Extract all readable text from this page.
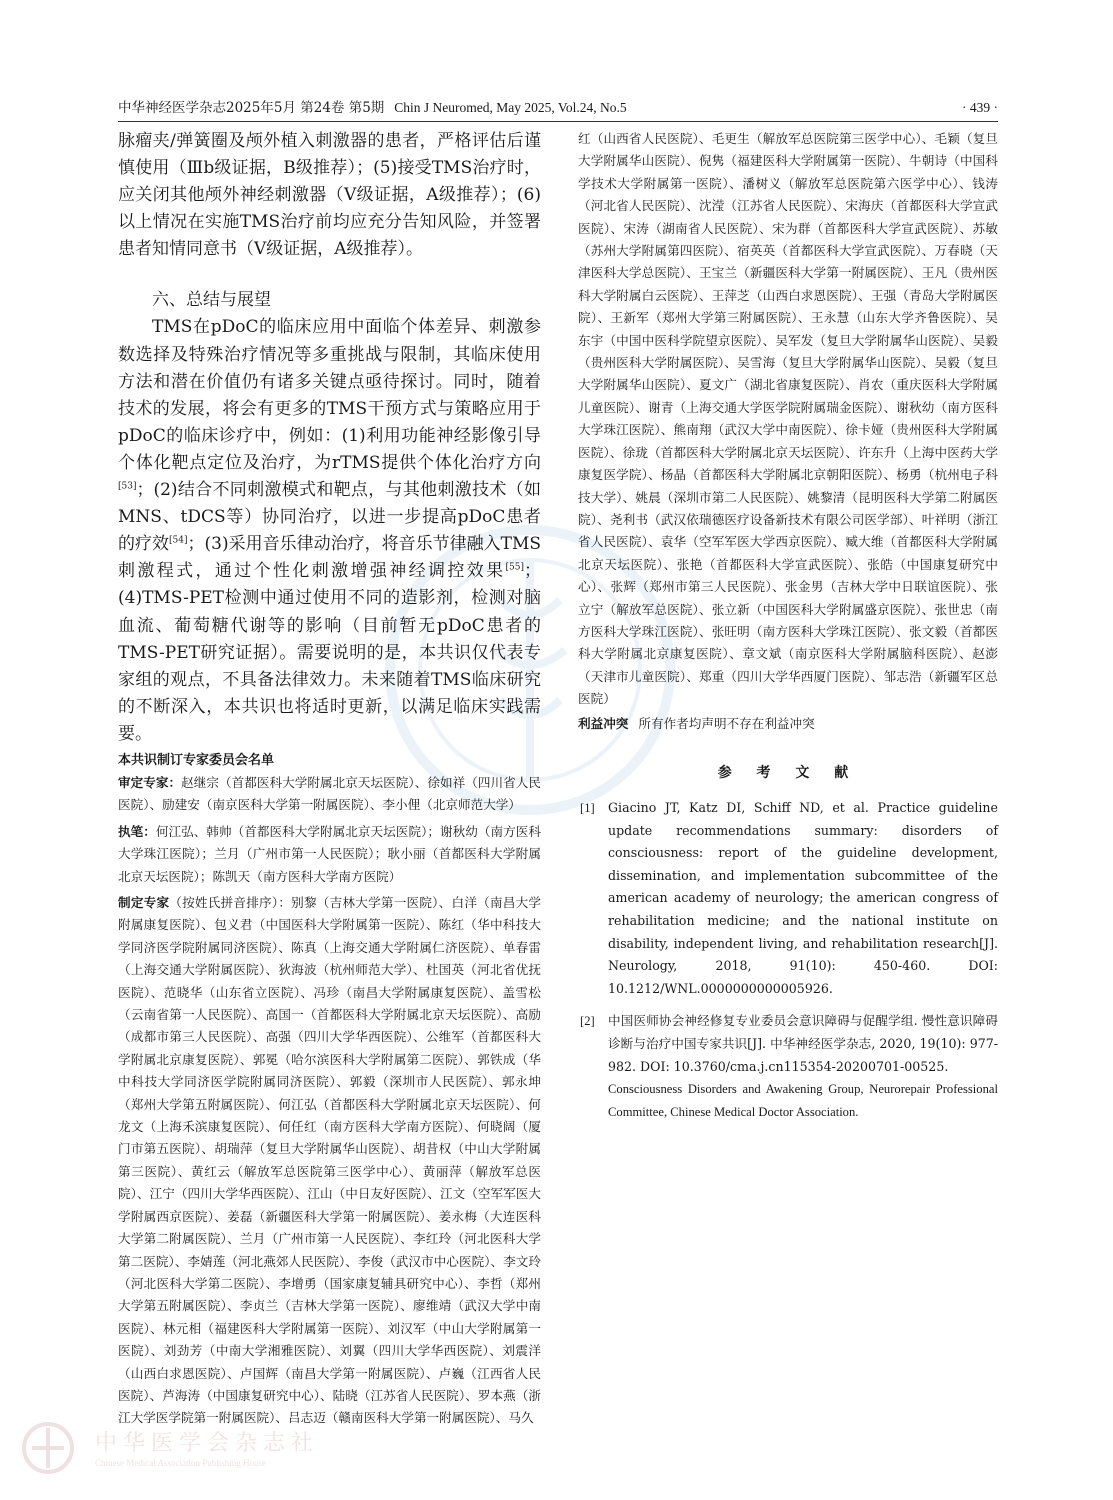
中华神经医学杂志2025年5月 第24卷 第5期 Chin J Neuromed, May 2025, Vol.24, No.5	· 439 ·

脉瘤夹/弹簧圈及颅外植入刺激器的患者，严格评估后谨慎使用（Ⅲb级证据，B级推荐）；(5)接受TMS治疗时，应关闭其他颅外神经刺激器（Ⅴ级证据，A级推荐）；(6)以上情况在实施TMS治疗前均应充分告知风险，并签署患者知情同意书（Ⅴ级证据，A级推荐）。

六、总结与展望

TMS在pDoC的临床应用中面临个体差异、刺激参数选择及特殊治疗情况等多重挑战与限制，其临床使用方法和潜在价值仍有诸多关键点亟待探讨。同时，随着技术的发展，将会有更多的TMS干预方式与策略应用于pDoC的临床诊疗中，例如：(1)利用功能神经影像引导个体化靶点定位及治疗，为rTMS提供个体化治疗方向[53]；(2)结合不同刺激模式和靶点，与其他刺激技术（如MNS、tDCS等）协同治疗，以进一步提高pDoC患者的疗效[54]；(3)采用音乐律动治疗，将音乐节律融入TMS刺激程式，通过个性化刺激增强神经调控效果[55]；(4)TMS-PET检测中通过使用不同的造影剂，检测对脑血流、葡萄糖代谢等的影响（目前暂无pDoC患者的TMS-PET研究证据）。需要说明的是，本共识仅代表专家组的观点，不具备法律效力。未来随着TMS临床研究的不断深入，本共识也将适时更新，以满足临床实践需要。

本共识制订专家委员会名单

审定专家：赵继宗（首都医科大学附属北京天坛医院）、徐如祥（四川省人民医院）、励建安（南京医科大学第一附属医院）、李小俚（北京师范大学）

执笔：何江弘、韩帅（首都医科大学附属北京天坛医院）；谢秋幼（南方医科大学珠江医院）；兰月（广州市第一人民医院）；耿小丽（首都医科大学附属北京天坛医院）；陈凯天（南方医科大学南方医院）

制定专家（按姓氏拼音排序）：别黎（吉林大学第一医院）、白洋（南昌大学附属康复医院）、包义君（中国医科大学附属第一医院）、陈红（华中科技大学同济医学院附属同济医院）、陈真（上海交通大学附属仁济医院）、单春雷（上海交通大学附属医院）、狄海波（杭州师范大学）、杜国英（河北省优抚医院）、范晓华（山东省立医院）、冯珍（南昌大学附属康复医院）、盖雪松（云南省第一人民医院）、高国一（首都医科大学附属北京天坛医院）、高励（成都市第三人民医院）、高强（四川大学华西医院）、公维军（首都医科大学附属北京康复医院）、郭冕（哈尔滨医科大学附属第二医院）、郭铁成（华中科技大学同济医学院附属同济医院）、郭毅（深圳市人民医院）、郭永坤（郑州大学第五附属医院）、何江弘（首都医科大学附属北京天坛医院）、何龙文（上海禾滨康复医院）、何任红（南方医科大学南方医院）、何晓阔（厦门市第五医院）、胡瑞萍（复旦大学附属华山医院）、胡昔权（中山大学附属第三医院）、黄红云（解放军总医院第三医学中心）、黄丽萍（解放军总医院）、江宁（四川大学华西医院）、江山（中日友好医院）、江文（空军军医大学附属西京医院）、姜磊（新疆医科大学第一附属医院）、姜永梅（大连医科大学第二附属医院）、兰月（广州市第一人民医院）、李红玲（河北医科大学第二医院）、李婧莲（河北燕郊人民医院）、李俊（武汉市中心医院）、李文玲（河北医科大学第二医院）、李增勇（国家康复辅具研究中心）、李哲（郑州大学第五附属医院）、李贞兰（吉林大学第一医院）、廖维靖（武汉大学中南医院）、林元相（福建医科大学附属第一医院）、刘汉军（中山大学附属第一医院）、刘劲芳（中南大学湘雅医院）、刘翼（四川大学华西医院）、刘震洋（山西白求恩医院）、卢国辉（南昌大学第一附属医院）、卢巍（江西省人民医院）、芦海涛（中国康复研究中心）、陆晓（江苏省人民医院）、罗本燕（浙江大学医学院第一附属医院）、吕志迈（赣南医科大学第一附属医院）、马久
红（山西省人民医院）、毛更生（解放军总医院第三医学中心）、毛颖（复旦大学附属华山医院）、倪隽（福建医科大学附属第一医院）、牛朝诗（中国科学技术大学附属第一医院）、潘树义（解放军总医院第六医学中心）、钱涛（河北省人民医院）、沈滢（江苏省人民医院）、宋海庆（首都医科大学宣武医院）、宋涛（湖南省人民医院）、宋为群（首都医科大学宣武医院）、苏敏（苏州大学附属第四医院）、宿英英（首都医科大学宣武医院）、万春晓（天津医科大学总医院）、王宝兰（新疆医科大学第一附属医院）、王凡（贵州医科大学附属白云医院）、王萍芝（山西白求恩医院）、王强（青岛大学附属医院）、王新军（郑州大学第三附属医院）、王永慧（山东大学齐鲁医院）、吴东宇（中国中医科学院望京医院）、吴军发（复旦大学附属华山医院）、吴毅（贵州医科大学附属医院）、吴雪海（复旦大学附属华山医院）、吴毅（复旦大学附属华山医院）、夏文广（湖北省康复医院）、肖农（重庆医科大学附属儿童医院）、谢青（上海交通大学医学院附属瑞金医院）、谢秋幼（南方医科大学珠江医院）、熊南翔（武汉大学中南医院）、徐卡娅（贵州医科大学附属医院）、徐珑（首都医科大学附属北京天坛医院）、许东升（上海中医药大学康复医学院）、杨晶（首都医科大学附属北京朝阳医院）、杨勇（杭州电子科技大学）、姚晨（深圳市第二人民医院）、姚黎清（昆明医科大学第二附属医院）、尧利书（武汉依瑞德医疗设备新技术有限公司医学部）、叶祥明（浙江省人民医院）、袁华（空军军医大学西京医院）、臧大维（首都医科大学附属北京天坛医院）、张艳（首都医科大学宣武医院）、张皓（中国康复研究中心）、张辉（郑州市第三人民医院）、张金男（吉林大学中日联谊医院）、张立宁（解放军总医院）、张立新（中国医科大学附属盛京医院）、张世忠（南方医科大学珠江医院）、张旺明（南方医科大学珠江医院）、张文毅（首都医科大学附属北京康复医院）、章文斌（南京医科大学附属脑科医院）、赵澎（天津市儿童医院）、郑重（四川大学华西厦门医院）、邹志浩（新疆军区总医院）

利益冲突 所有作者均声明不存在利益冲突

参 考 文 献

[1] Giacino JT, Katz DI, Schiff ND, et al. Practice guideline update recommendations summary: disorders of consciousness: report of the guideline development, dissemination, and implementation subcommittee of the american academy of neurology; the american congress of rehabilitation medicine; and the national institute on disability, independent living, and rehabilitation research[J]. Neurology, 2018, 91(10): 450-460. DOI: 10.1212/WNL.0000000000005926.
[2] 中国医师协会神经修复专业委员会意识障碍与促醒学组. 慢性意识障碍诊断与治疗中国专家共识[J]. 中华神经医学杂志, 2020, 19(10): 977-982. DOI: 10.3760/cma.j.cn115354-20200701-00525.
Consciousness Disorders and Awakening Group, Neurorepair Professional Committee, Chinese Medical Doctor Association.
中华医学会杂志社
Chinese Medical Association Publishing House
